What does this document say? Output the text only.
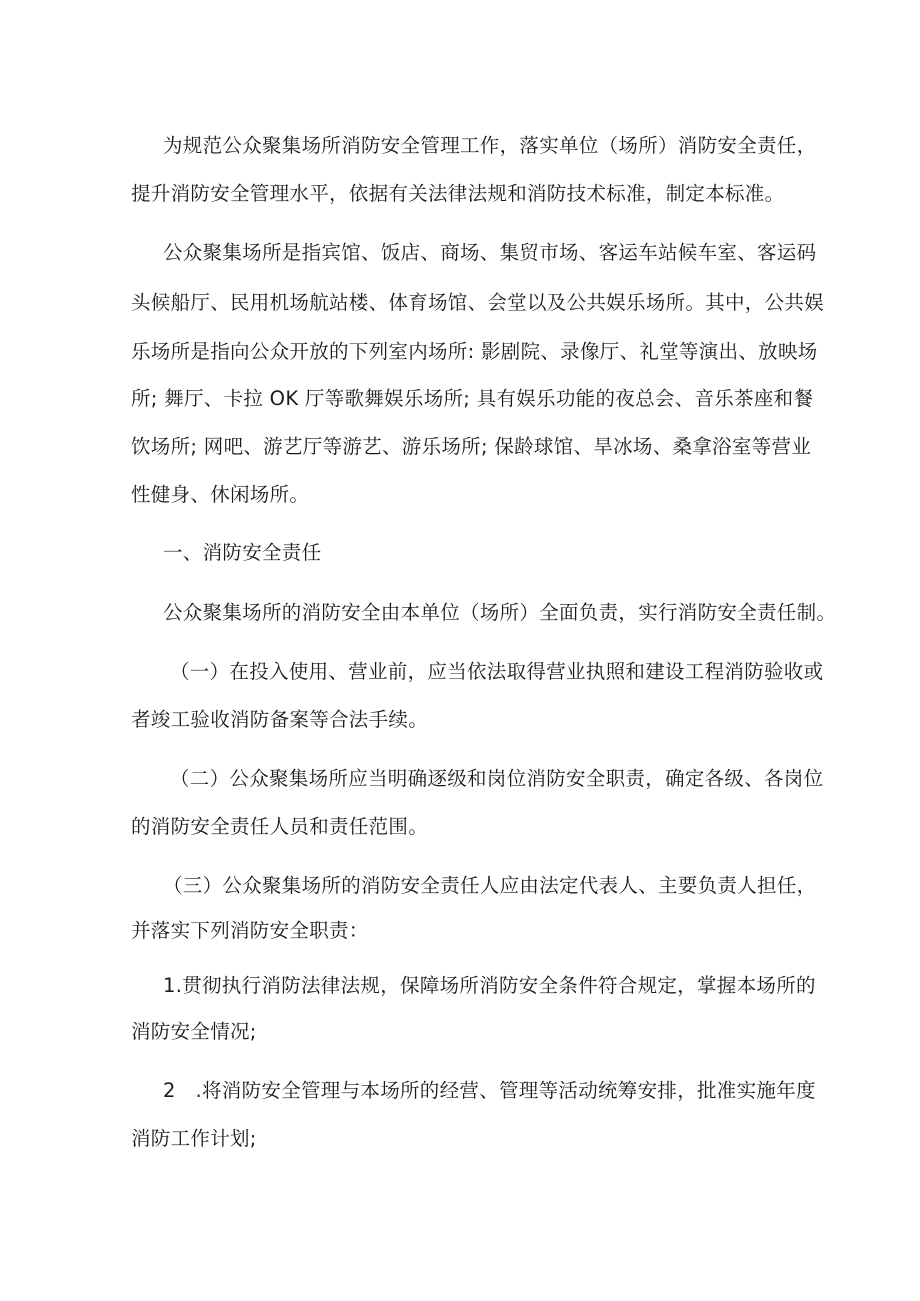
为规范公众聚集场所消防安全管理工作，落实单位（场所）消防安全责任，
提升消防安全管理水平，依据有关法律法规和消防技术标准，制定本标准。
公众聚集场所是指宾馆、饭店、商场、集贸市场、客运车站候车室、客运码
头候船厅、民用机场航站楼、体育场馆、会堂以及公共娱乐场所。其中，公共娱
乐场所是指向公众开放的下列室内场所: 影剧院、录像厅、礼堂等演出、放映场
所; 舞厅、卡拉 OK 厅等歌舞娱乐场所; 具有娱乐功能的夜总会、音乐茶座和餐
饮场所; 网吧、游艺厅等游艺、游乐场所; 保龄球馆、旱冰场、桑拿浴室等营业
性健身、休闲场所。
一、消防安全责任
公众聚集场所的消防安全由本单位（场所）全面负责，实行消防安全责任制。
（一）在投入使用、营业前，应当依法取得营业执照和建设工程消防验收或
者竣工验收消防备案等合法手续。
（二）公众聚集场所应当明确逐级和岗位消防安全职责，确定各级、各岗位
的消防安全责任人员和责任范围。
（三）公众聚集场所的消防安全责任人应由法定代表人、主要负责人担任，
并落实下列消防安全职责：
1.贯彻执行消防法律法规，保障场所消防安全条件符合规定，掌握本场所的
消防安全情况;
2　.将消防安全管理与本场所的经营、管理等活动统筹安排，批准实施年度
消防工作计划;
